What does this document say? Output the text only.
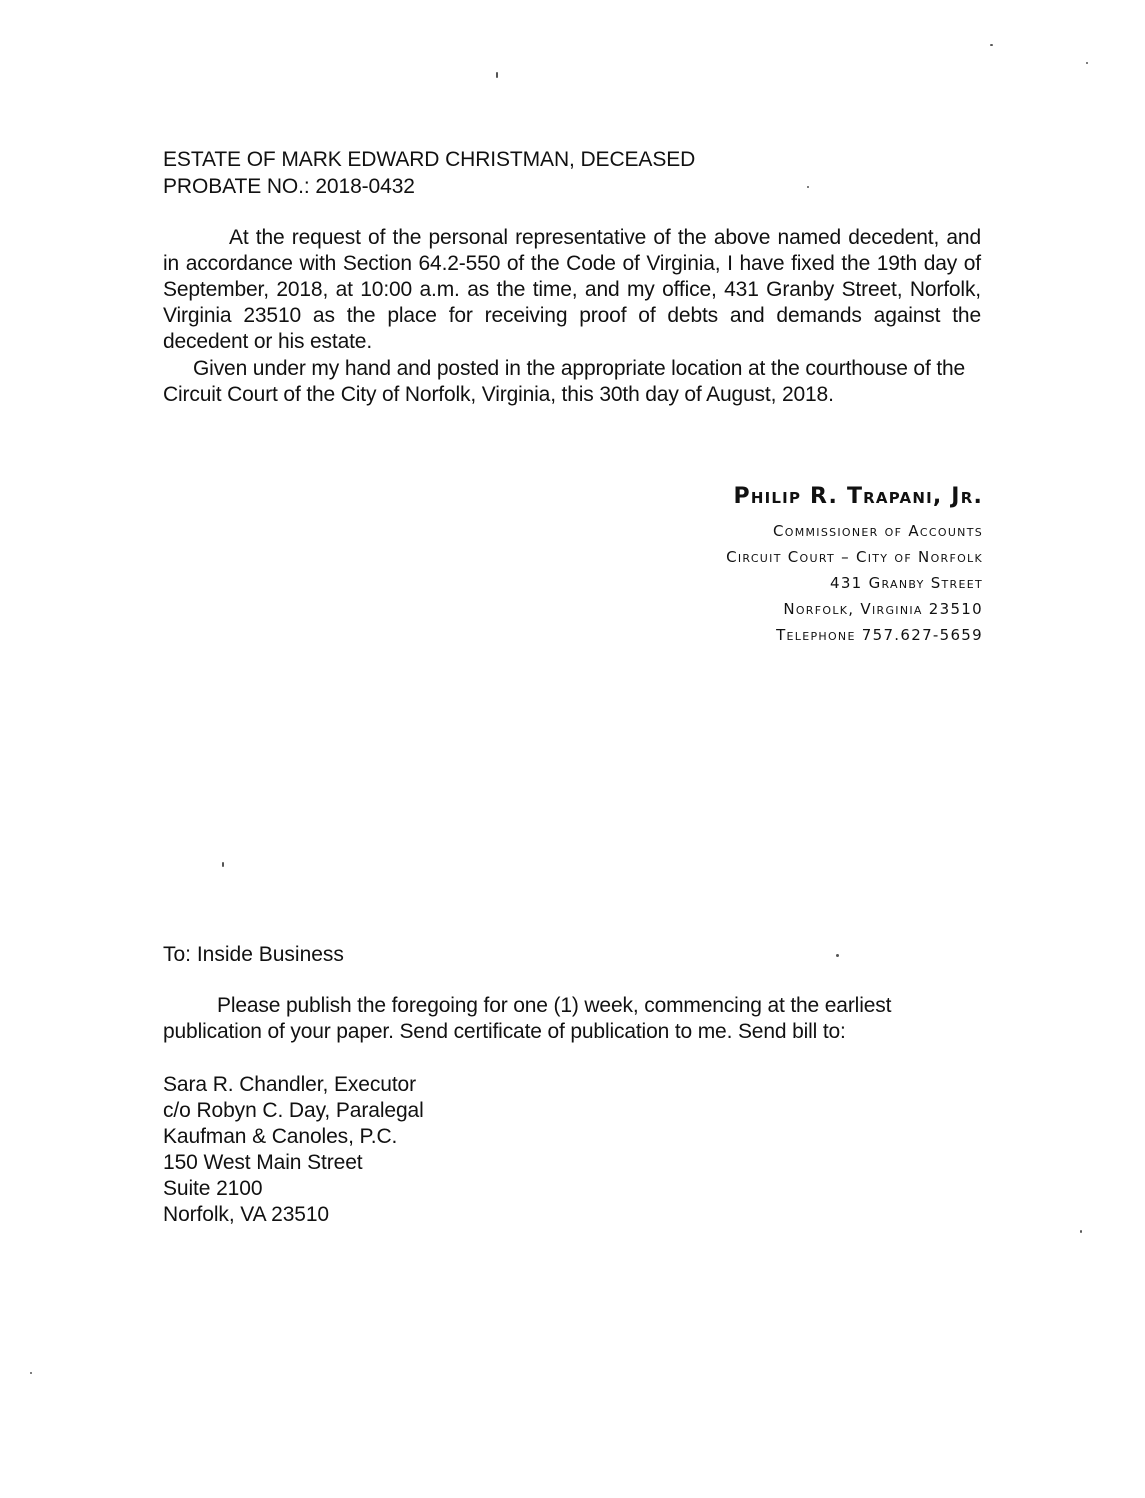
ESTATE OF MARK EDWARD CHRISTMAN, DECEASED
PROBATE NO.: 2018-0432
At the request of the personal representative of the above named decedent, and in accordance with Section 64.2-550 of the Code of Virginia, I have fixed the 19th day of September, 2018, at 10:00 a.m. as the time, and my office, 431 Granby Street, Norfolk, Virginia 23510 as the place for receiving proof of debts and demands against the decedent or his estate.
Given under my hand and posted in the appropriate location at the courthouse of the Circuit Court of the City of Norfolk, Virginia, this 30th day of August, 2018.
Philip R. Trapani, Jr.
Commissioner of Accounts
Circuit Court – City of Norfolk
431 Granby Street
Norfolk, Virginia 23510
Telephone 757.627-5659
To: Inside Business
Please publish the foregoing for one (1) week, commencing at the earliest publication of your paper. Send certificate of publication to me. Send bill to:
Sara R. Chandler, Executor
c/o Robyn C. Day, Paralegal
Kaufman & Canoles, P.C.
150 West Main Street
Suite 2100
Norfolk, VA 23510
